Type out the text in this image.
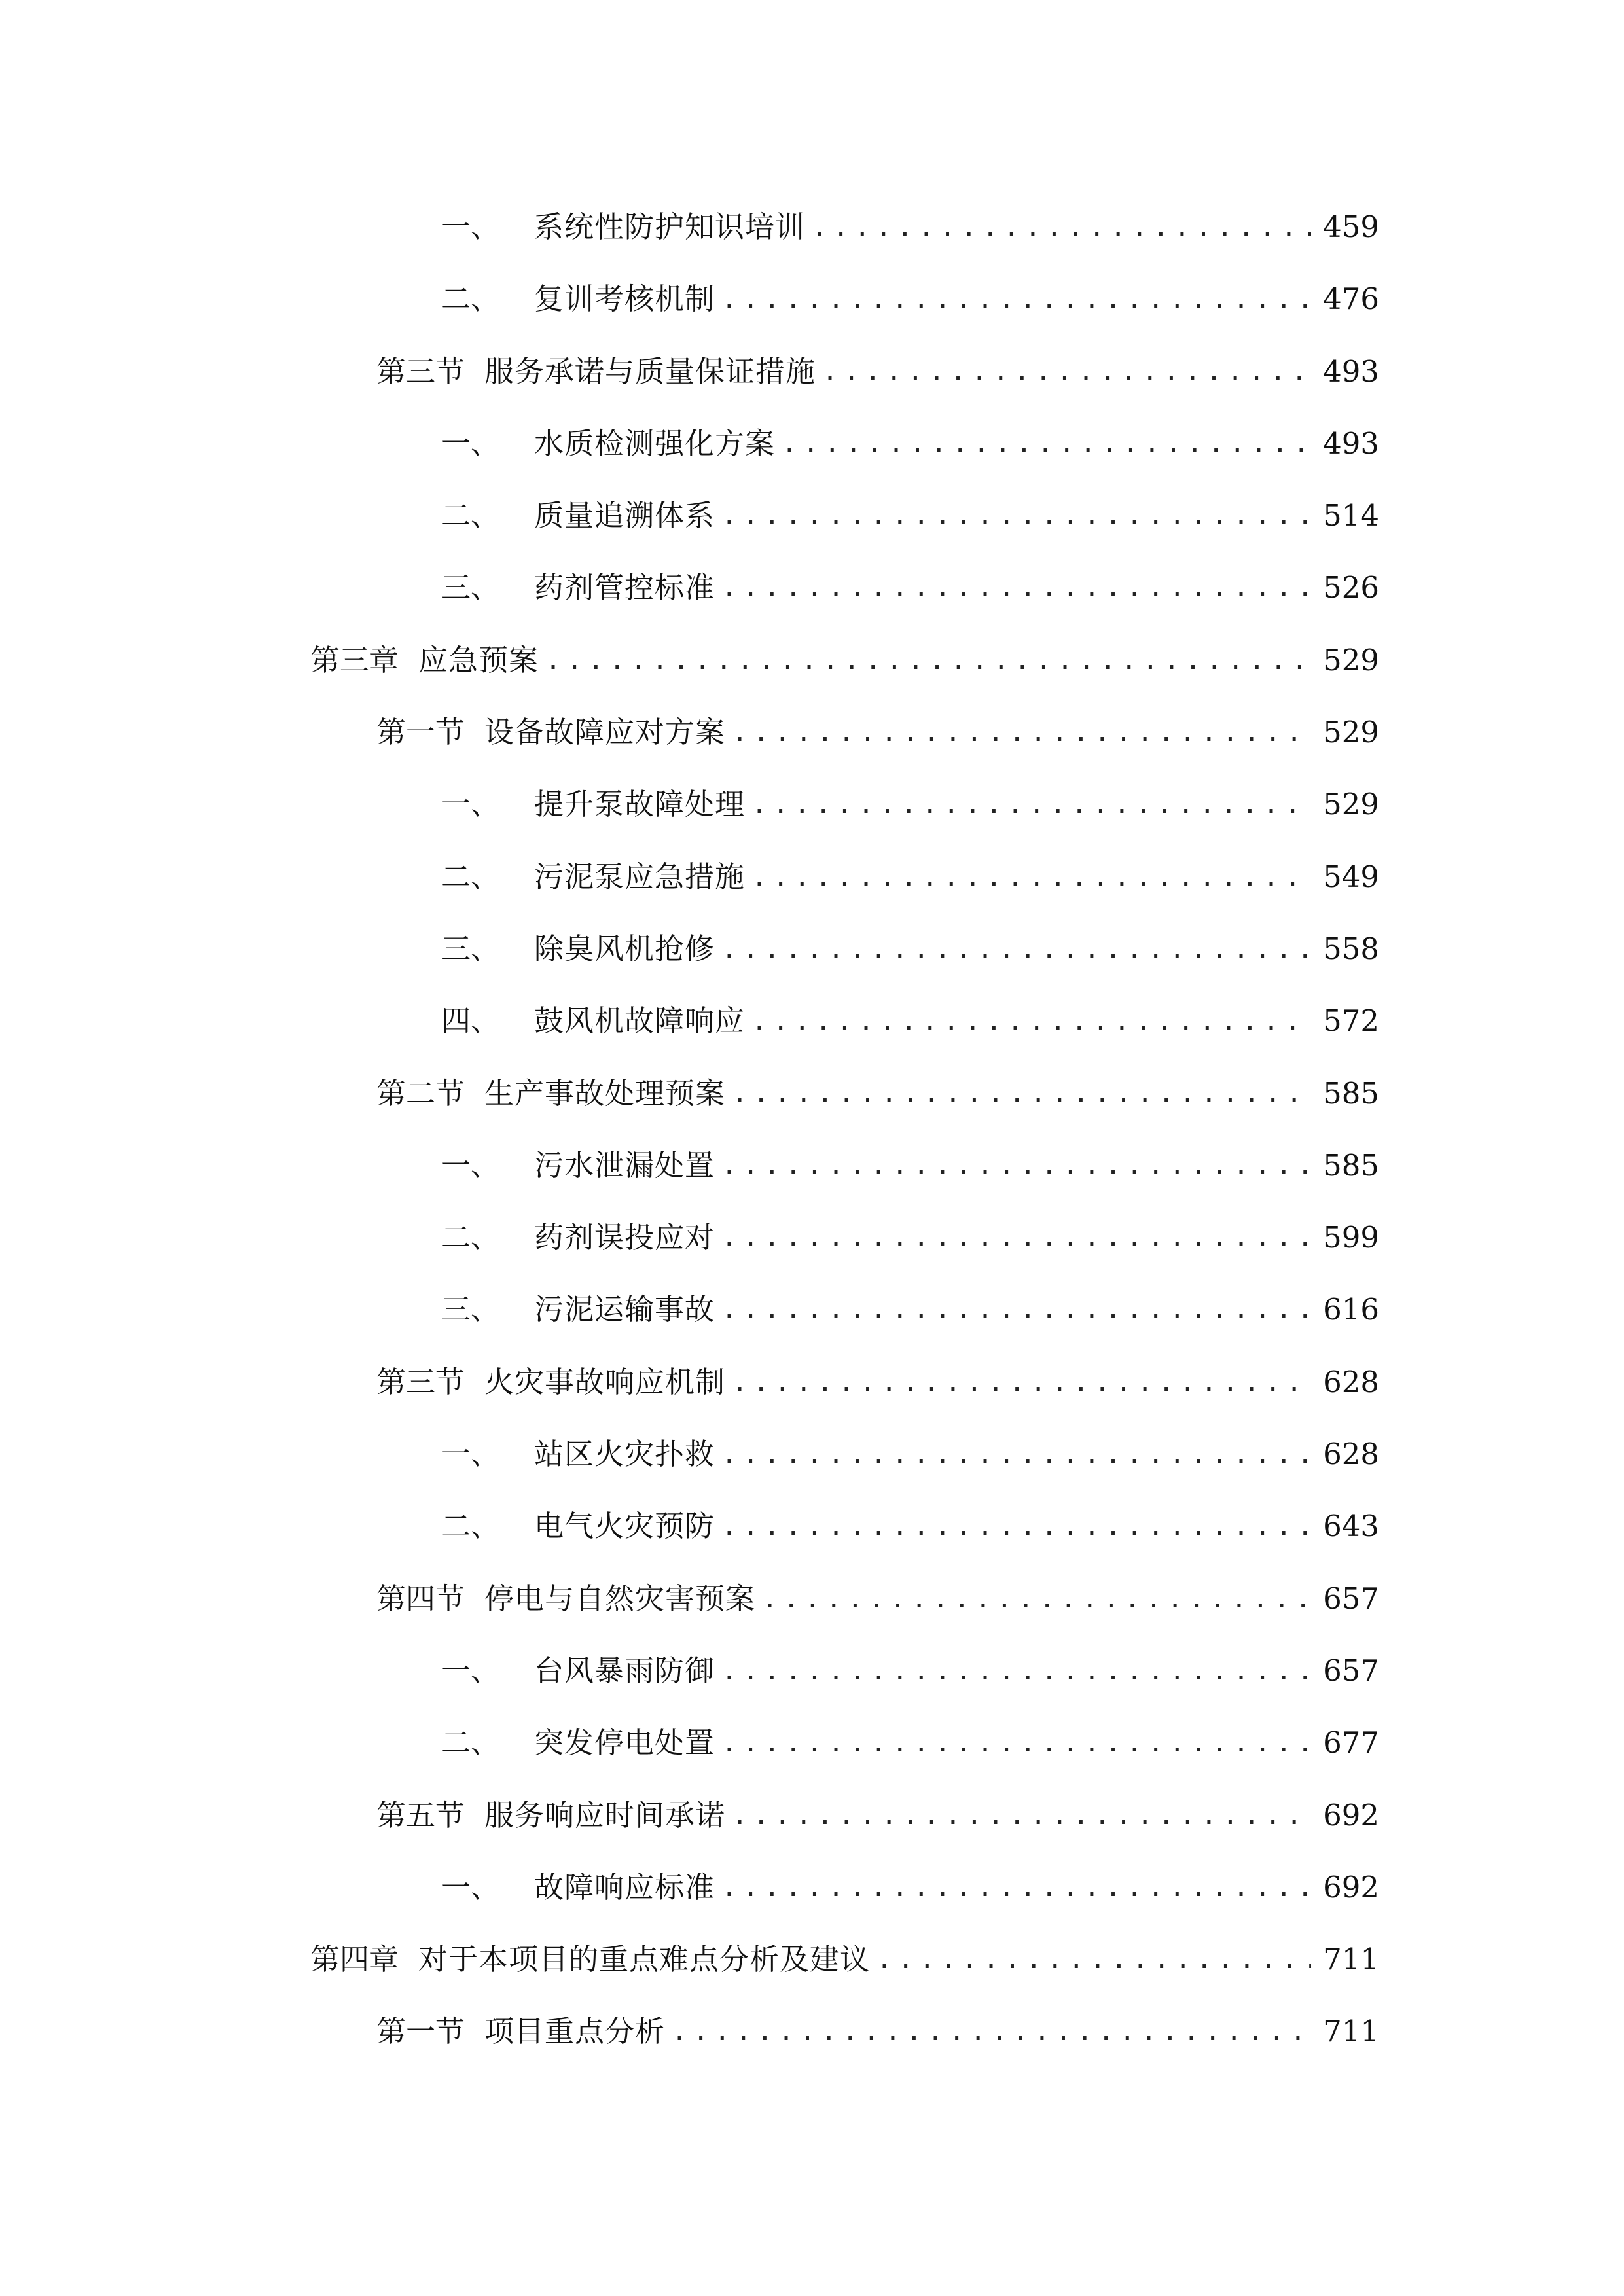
一、 系统性防护知识培训 .....	459
二、 复训考核机制 .....	476
第三节 服务承诺与质量保证措施 .....	493
一、 水质检测强化方案 .....	493
二、 质量追溯体系 .....	514
三、 药剂管控标准 .....	526
第三章 应急预案 .....	529
第一节 设备故障应对方案 .....	529
一、 提升泵故障处理 .....	529
二、 污泥泵应急措施 .....	549
三、 除臭风机抢修 .....	558
四、 鼓风机故障响应 .....	572
第二节 生产事故处理预案 .....	585
一、 污水泄漏处置 .....	585
二、 药剂误投应对 .....	599
三、 污泥运输事故 .....	616
第三节 火灾事故响应机制 .....	628
一、 站区火灾扑救 .....	628
二、 电气火灾预防 .....	643
第四节 停电与自然灾害预案 .....	657
一、 台风暴雨防御 .....	657
二、 突发停电处置 .....	677
第五节 服务响应时间承诺 .....	692
一、 故障响应标准 .....	692
第四章 对于本项目的重点难点分析及建议 .....	711
第一节 项目重点分析 .....	711
